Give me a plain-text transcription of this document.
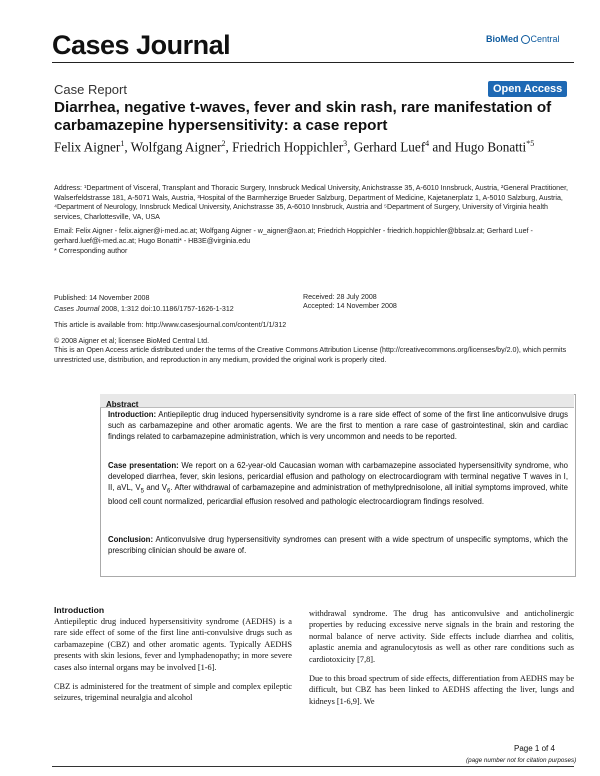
Cases Journal	BioMed Central
Case Report	Open Access
Diarrhea, negative t-waves, fever and skin rash, rare manifestation of carbamazepine hypersensitivity: a case report
Felix Aigner$^1$, Wolfgang Aigner$^2$, Friedrich Hoppichler$^3$, Gerhard Luef$^4$ and Hugo Bonatti$^{*5}$
Address: ¹Department of Visceral, Transplant and Thoracic Surgery, Innsbruck Medical University, Anichstrasse 35, A-6010 Innsbruck, Austria, ²General Practitioner, Walserfeldstrasse 181, A-5071 Wals, Austria, ³Hospital of the Barmherzige Brueder Salzburg, Department of Medicine, Kajetanerplatz 1, A-5010 Salzburg, Austria, ⁴Department of Neurology, Innsbruck Medical University, Anichstrasse 35, A-6010 Innsbruck, Austria and ⁵Department of Surgery, University of Virginia health services, Charlottesville, VA, USA
Email: Felix Aigner - felix.aigner@i-med.ac.at; Wolfgang Aigner - w_aigner@aon.at; Friedrich Hoppichler - friedrich.hoppichler@bbsalz.at; Gerhard Luef - gerhard.luef@i-med.ac.at; Hugo Bonatti* - HB3E@virginia.edu
* Corresponding author
Published: 14 November 2008
Cases Journal 2008, 1:312 doi:10.1186/1757-1626-1-312
This article is available from: http://www.casesjournal.com/content/1/1/312
Received: 28 July 2008
Accepted: 14 November 2008
© 2008 Aigner et al; licensee BioMed Central Ltd.
This is an Open Access article distributed under the terms of the Creative Commons Attribution License (http://creativecommons.org/licenses/by/2.0), which permits unrestricted use, distribution, and reproduction in any medium, provided the original work is properly cited.
Abstract
Introduction: Antiepileptic drug induced hypersensitivity syndrome is a rare side effect of some of the first line anticonvulsive drugs such as carbamazepine and other aromatic agents. We are the first to mention a rare case of gastrointestinal, skin and cardiac findings related to carbamazepine administration, which is very uncommon and needs to be reported.
Case presentation: We report on a 62-year-old Caucasian woman with carbamazepine associated hypersensitivity syndrome, who developed diarrhea, fever, skin lesions, pericardial effusion and pathology on electrocardiogram with terminal negative T waves in I, II, aVL, $V_5$ and $V_6$. After withdrawal of carbamazepine and administration of methylprednisolone, all initial symptoms improved, white blood cell count normalized, pericardial effusion resolved and pathologic electrocardiogram findings resolved.
Conclusion: Anticonvulsive drug hypersensitivity syndromes can present with a wide spectrum of unspecific symptoms, which the prescribing clinician should be aware of.
Introduction

Antiepileptic drug induced hypersensitivity syndrome (AEDHS) is a rare side effect of some of the first line anti-convulsive drugs such as carbamazepine (CBZ) and other aromatic agents. Typically AEDHS presents with skin lesions, fever and lymphadenopathy; in more severe cases also internal organs may be involved [1-6].

CBZ is administered for the treatment of simple and complex epileptic seizures, trigeminal neuralgia and alcohol

withdrawal syndrome. The drug has anticonvulsive and anticholinergic properties by reducing excessive nerve signals in the brain and restoring the normal balance of nerve activity. Side effects include diarrhea and colitis, aplastic anemia and agranulocytosis as well as other rare conditions such as cardiotoxicity [7,8].

Due to this broad spectrum of side effects, differentiation from AEDHS may be difficult, but CBZ has been linked to AEDHS affecting the liver, lungs and kidneys [1-6,9]. We

Page 1 of 4
(page number not for citation purposes)
